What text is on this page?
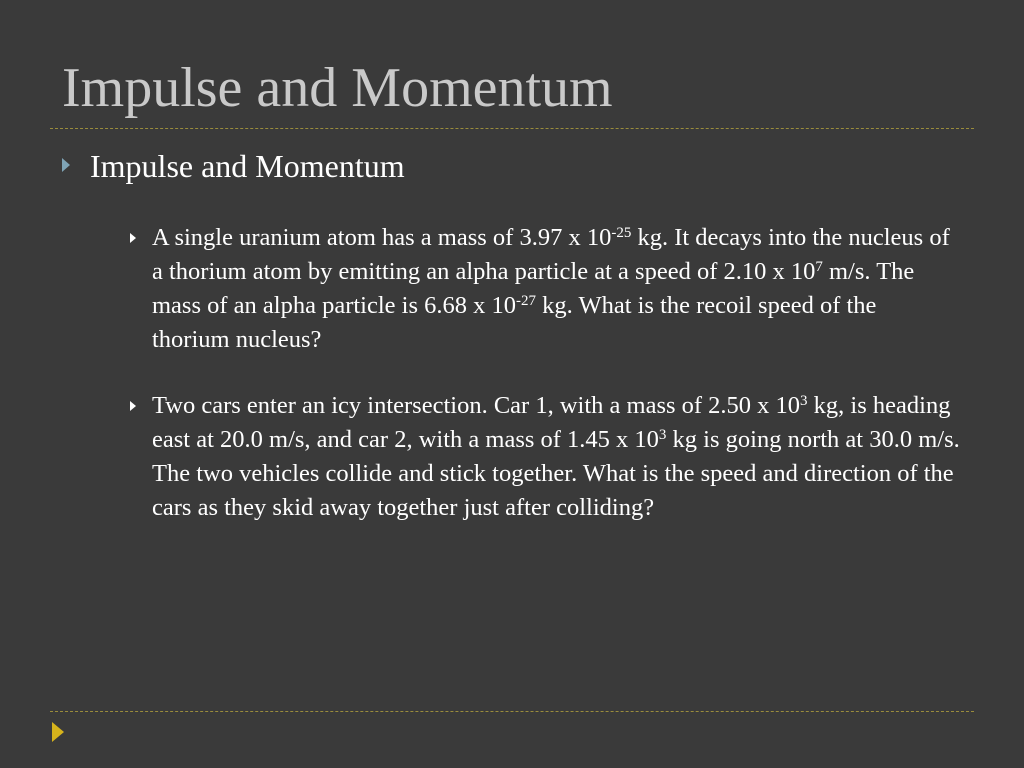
Impulse and Momentum
Impulse and Momentum
A single uranium atom has a mass of 3.97 x $10^{-25}$ kg. It decays into the nucleus of a thorium atom by emitting an alpha particle at a speed of 2.10 x $10^7$ m/s. The mass of an alpha particle is 6.68 x $10^{-27}$ kg. What is the recoil speed of the thorium nucleus?
Two cars enter an icy intersection. Car 1, with a mass of 2.50 x $10^3$ kg, is heading east at 20.0 m/s, and car 2, with a mass of 1.45 x $10^3$ kg is going north at 30.0 m/s. The two vehicles collide and stick together. What is the speed and direction of the cars as they skid away together just after colliding?
